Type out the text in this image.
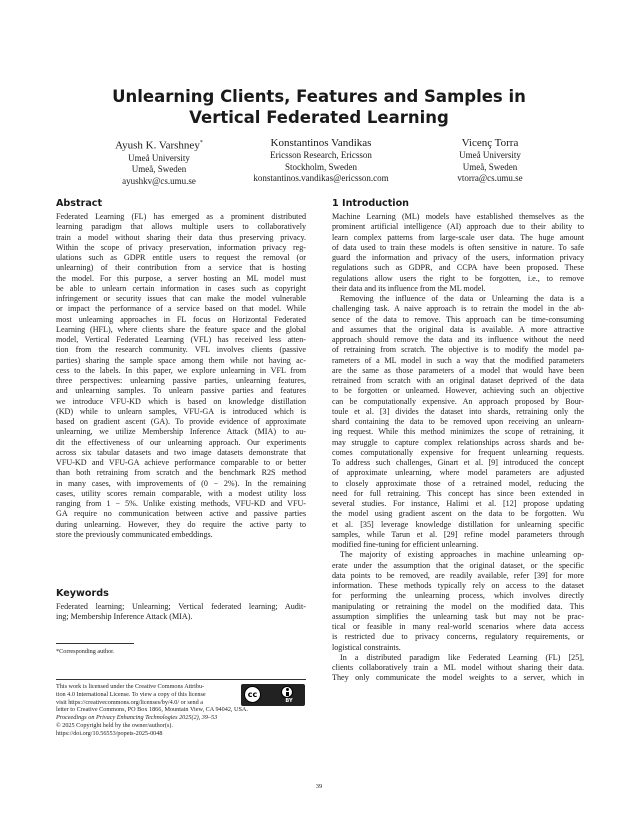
Unlearning Clients, Features and Samples in
Vertical Federated Learning
Ayush K. Varshney*
Umeå University
Umeå, Sweden
ayushkv@cs.umu.se
Konstantinos Vandikas
Ericsson Research, Ericsson
Stockholm, Sweden
konstantinos.vandikas@ericsson.com
Vicenç Torra
Umeå University
Umeå, Sweden
vtorra@cs.umu.se
Abstract
Federated Learning (FL) has emerged as a prominent distributed
learning paradigm that allows multiple users to collaboratively
train a model without sharing their data thus preserving privacy.
Within the scope of privacy preservation, information privacy reg-
ulations such as GDPR entitle users to request the removal (or
unlearning) of their contribution from a service that is hosting
the model. For this purpose, a server hosting an ML model must
be able to unlearn certain information in cases such as copyright
infringement or security issues that can make the model vulnerable
or impact the performance of a service based on that model. While
most unlearning approaches in FL focus on Horizontal Federated
Learning (HFL), where clients share the feature space and the global
model, Vertical Federated Learning (VFL) has received less atten-
tion from the research community. VFL involves clients (passive
parties) sharing the sample space among them while not having ac-
cess to the labels. In this paper, we explore unlearning in VFL from
three perspectives: unlearning passive parties, unlearning features,
and unlearning samples. To unlearn passive parties and features
we introduce VFU-KD which is based on knowledge distillation
(KD) while to unlearn samples, VFU-GA is introduced which is
based on gradient ascent (GA). To provide evidence of approximate
unlearning, we utilize Membership Inference Attack (MIA) to au-
dit the effectiveness of our unlearning approach. Our experiments
across six tabular datasets and two image datasets demonstrate that
VFU-KD and VFU-GA achieve performance comparable to or better
than both retraining from scratch and the benchmark R2S method
in many cases, with improvements of (0 − 2%). In the remaining
cases, utility scores remain comparable, with a modest utility loss
ranging from 1 − 5%. Unlike existing methods, VFU-KD and VFU-
GA require no communication between active and passive parties
during unlearning. However, they do require the active party to
store the previously communicated embeddings.
Keywords
Federated learning; Unlearning; Vertical federated learning; Audit-
ing; Membership Inference Attack (MIA).
*Corresponding author.
This work is licensed under the Creative Commons Attribu-
tion 4.0 International License. To view a copy of this license
visit https://creativecommons.org/licenses/by/4.0/ or send a
letter to Creative Commons, PO Box 1866, Mountain View, CA 94042, USA.
Proceedings on Privacy Enhancing Technologies 2025(2), 39–53
© 2025 Copyright held by the owner/author(s).
https://doi.org/10.56553/popets-2025-0048
cc
BY
1 Introduction
Machine Learning (ML) models have established themselves as the
prominent artificial intelligence (AI) approach due to their ability to
learn complex patterns from large-scale user data. The huge amount
of data used to train these models is often sensitive in nature. To safe
guard the information and privacy of the users, information privacy
regulations such as GDPR, and CCPA have been proposed. These
regulations allow users the right to be forgotten, i.e., to remove
their data and its influence from the ML model.
Removing the influence of the data or Unlearning the data is a
challenging task. A naive approach is to retrain the model in the ab-
sence of the data to remove. This approach can be time-consuming
and assumes that the original data is available. A more attractive
approach should remove the data and its influence without the need
of retraining from scratch. The objective is to modify the model pa-
rameters of a ML model in such a way that the modified parameters
are the same as those parameters of a model that would have been
retrained from scratch with an original dataset deprived of the data
to be forgotten or unlearned. However, achieving such an objective
can be computationally expensive. An approach proposed by Bour-
toule et al. [3] divides the dataset into shards, retraining only the
shard containing the data to be removed upon receiving an unlearn-
ing request. While this method minimizes the scope of retraining, it
may struggle to capture complex relationships across shards and be-
comes computationally expensive for frequent unlearning requests.
To address such challenges, Ginart et al. [9] introduced the concept
of approximate unlearning, where model parameters are adjusted
to closely approximate those of a retrained model, reducing the
need for full retraining. This concept has since been extended in
several studies. For instance, Halimi et al. [12] propose updating
the model using gradient ascent on the data to be forgotten. Wu
et al. [35] leverage knowledge distillation for unlearning specific
samples, while Tarun et al. [29] refine model parameters through
modified fine-tuning for efficient unlearning.
The majority of existing approaches in machine unlearning op-
erate under the assumption that the original dataset, or the specific
data points to be removed, are readily available, refer [39] for more
information. These methods typically rely on access to the dataset
for performing the unlearning process, which involves directly
manipulating or retraining the model on the modified data. This
assumption simplifies the unlearning task but may not be prac-
tical or feasible in many real-world scenarios where data access
is restricted due to privacy concerns, regulatory requirements, or
logistical constraints.
In a distributed paradigm like Federated Learning (FL) [25],
clients collaboratively train a ML model without sharing their data.
They only communicate the model weights to a server, which in
39
